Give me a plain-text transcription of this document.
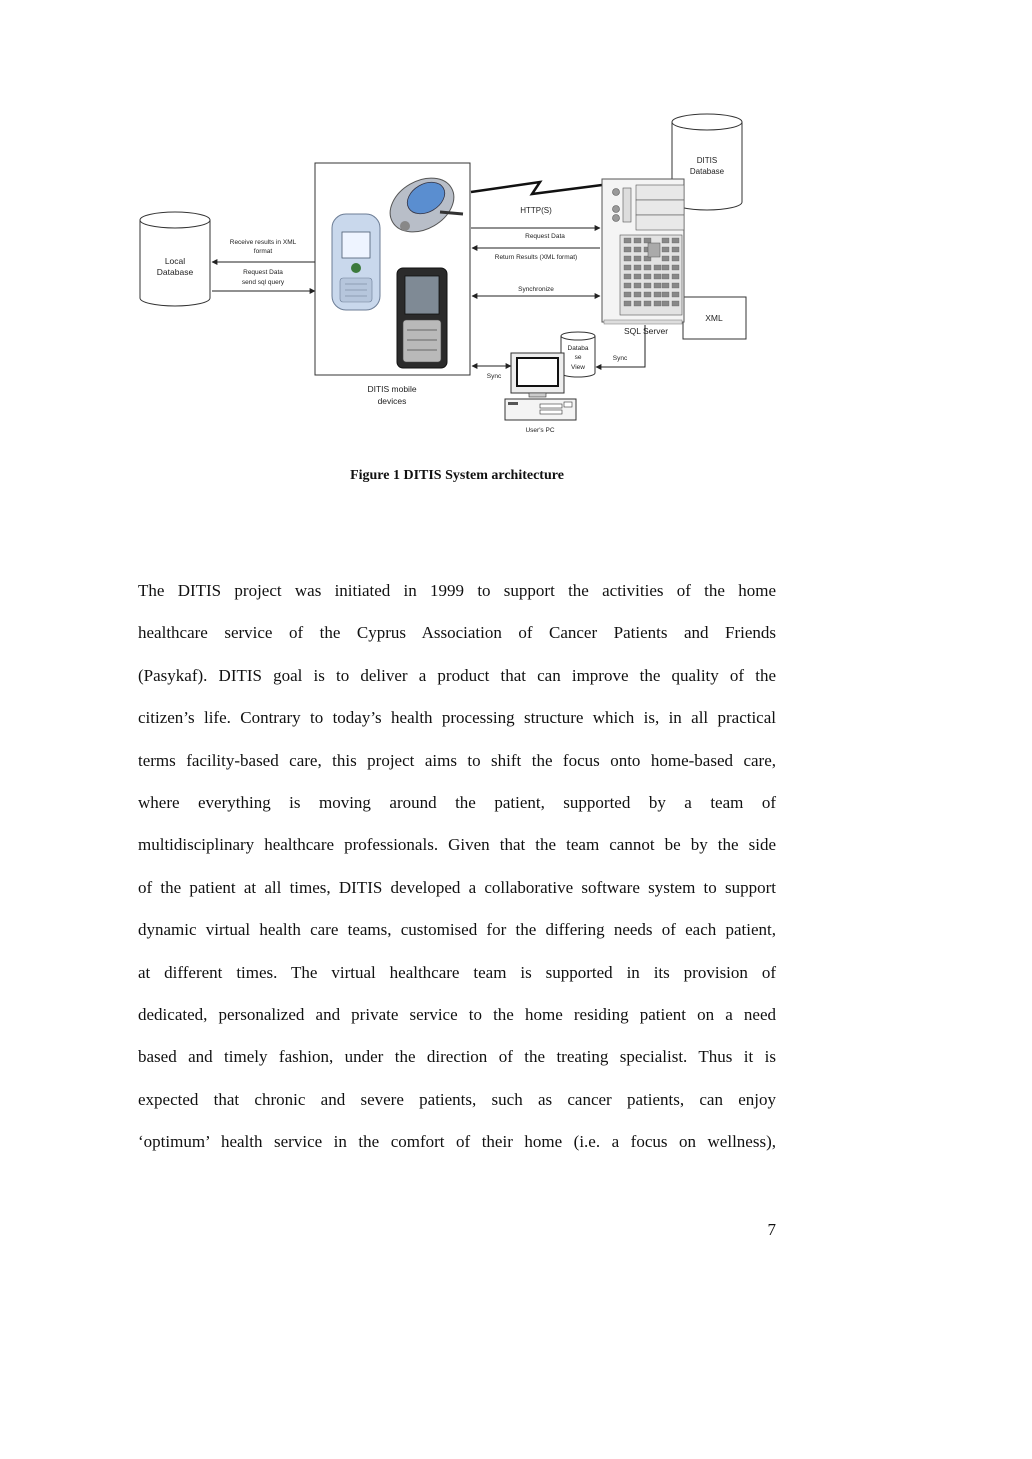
DITIS
Database
Local
Database
Receive results in XML
format
Request Data
send sql query
DITIS mobile
devices
HTTP(S)
Request Data
Return Results (XML format)
Synchronize
XML
SQL Server
Sync
Databa
se
View
User's PC
Sync
Figure 1 DITIS System architecture
The DITIS project was initiated in 1999 to support the activities of the home
healthcare service of the Cyprus Association of Cancer Patients and Friends
(Pasykaf). DITIS goal is to deliver a product that can improve the quality of the
citizen’s life. Contrary to today’s health processing structure which is, in all practical
terms facility-based care, this project aims to shift the focus onto home-based care,
where everything is moving around the patient, supported by a team of
multidisciplinary healthcare professionals. Given that the team cannot be by the side
of the patient at all times, DITIS developed a collaborative software system to support
dynamic virtual health care teams, customised for the differing needs of each patient,
at different times. The virtual healthcare team is supported in its provision of
dedicated, personalized and private service to the home residing patient on a need
based and timely fashion, under the direction of the treating specialist. Thus it is
expected that chronic and severe patients, such as cancer patients, can enjoy
‘optimum’ health service in the comfort of their home (i.e. a focus on wellness),
7
